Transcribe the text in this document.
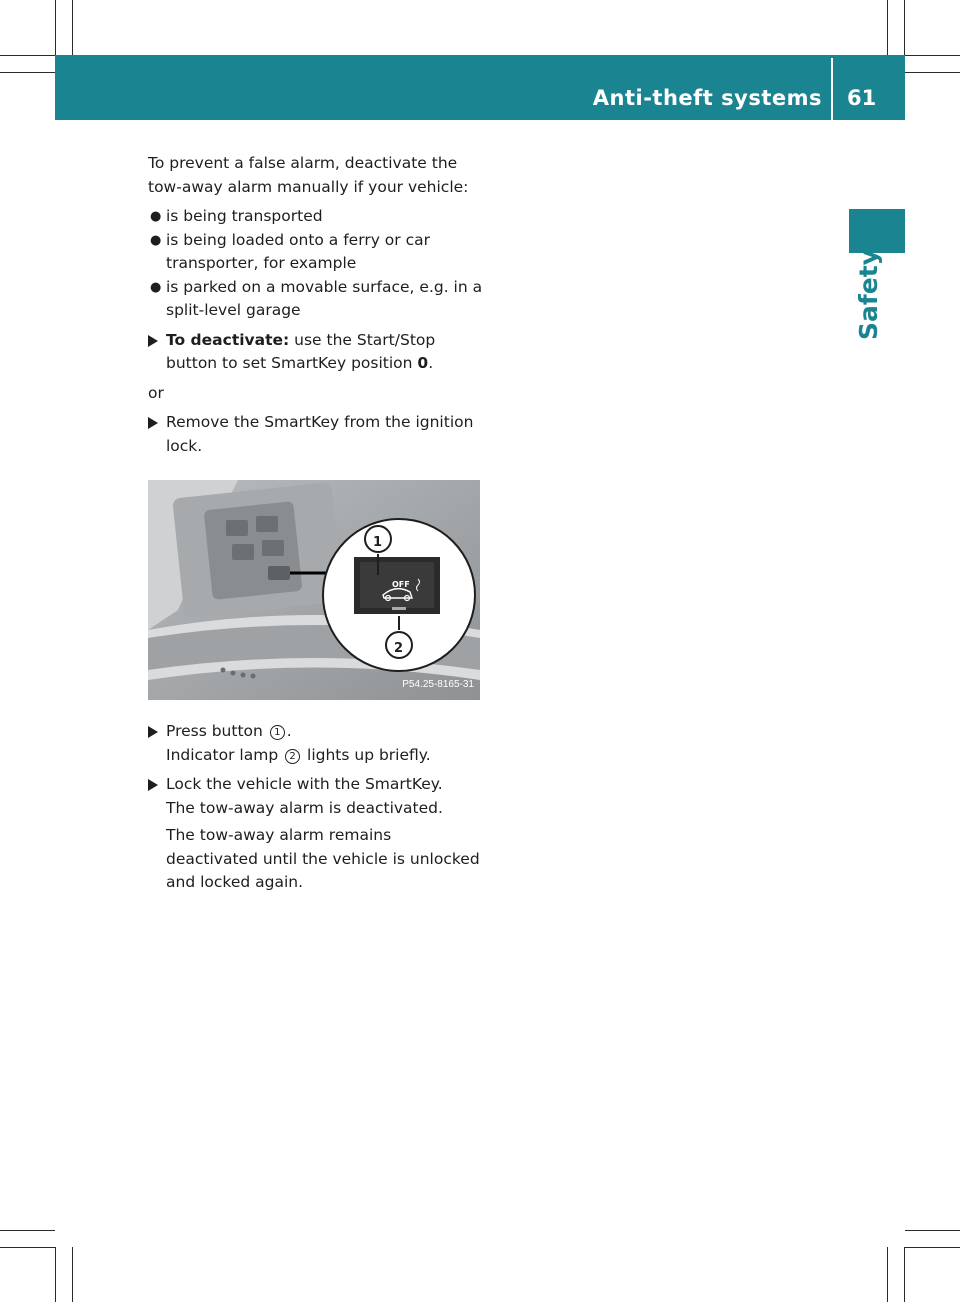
Anti-theft systems 61
Safety

To prevent a false alarm, deactivate the tow-away alarm manually if your vehicle:

● is being transported
● is being loaded onto a ferry or car transporter, for example
● is parked on a movable surface, e.g. in a split-level garage
To deactivate: use the Start/Stop button to set SmartKey position 0.

or

Remove the SmartKey from the ignition lock.
OFF
1
2
P54.25-8165-31
Press button 1 .
Indicator lamp 2 lights up briefly.
Lock the vehicle with the SmartKey.
The tow-away alarm is deactivated.

The tow-away alarm remains deactivated until the vehicle is unlocked and locked again.
